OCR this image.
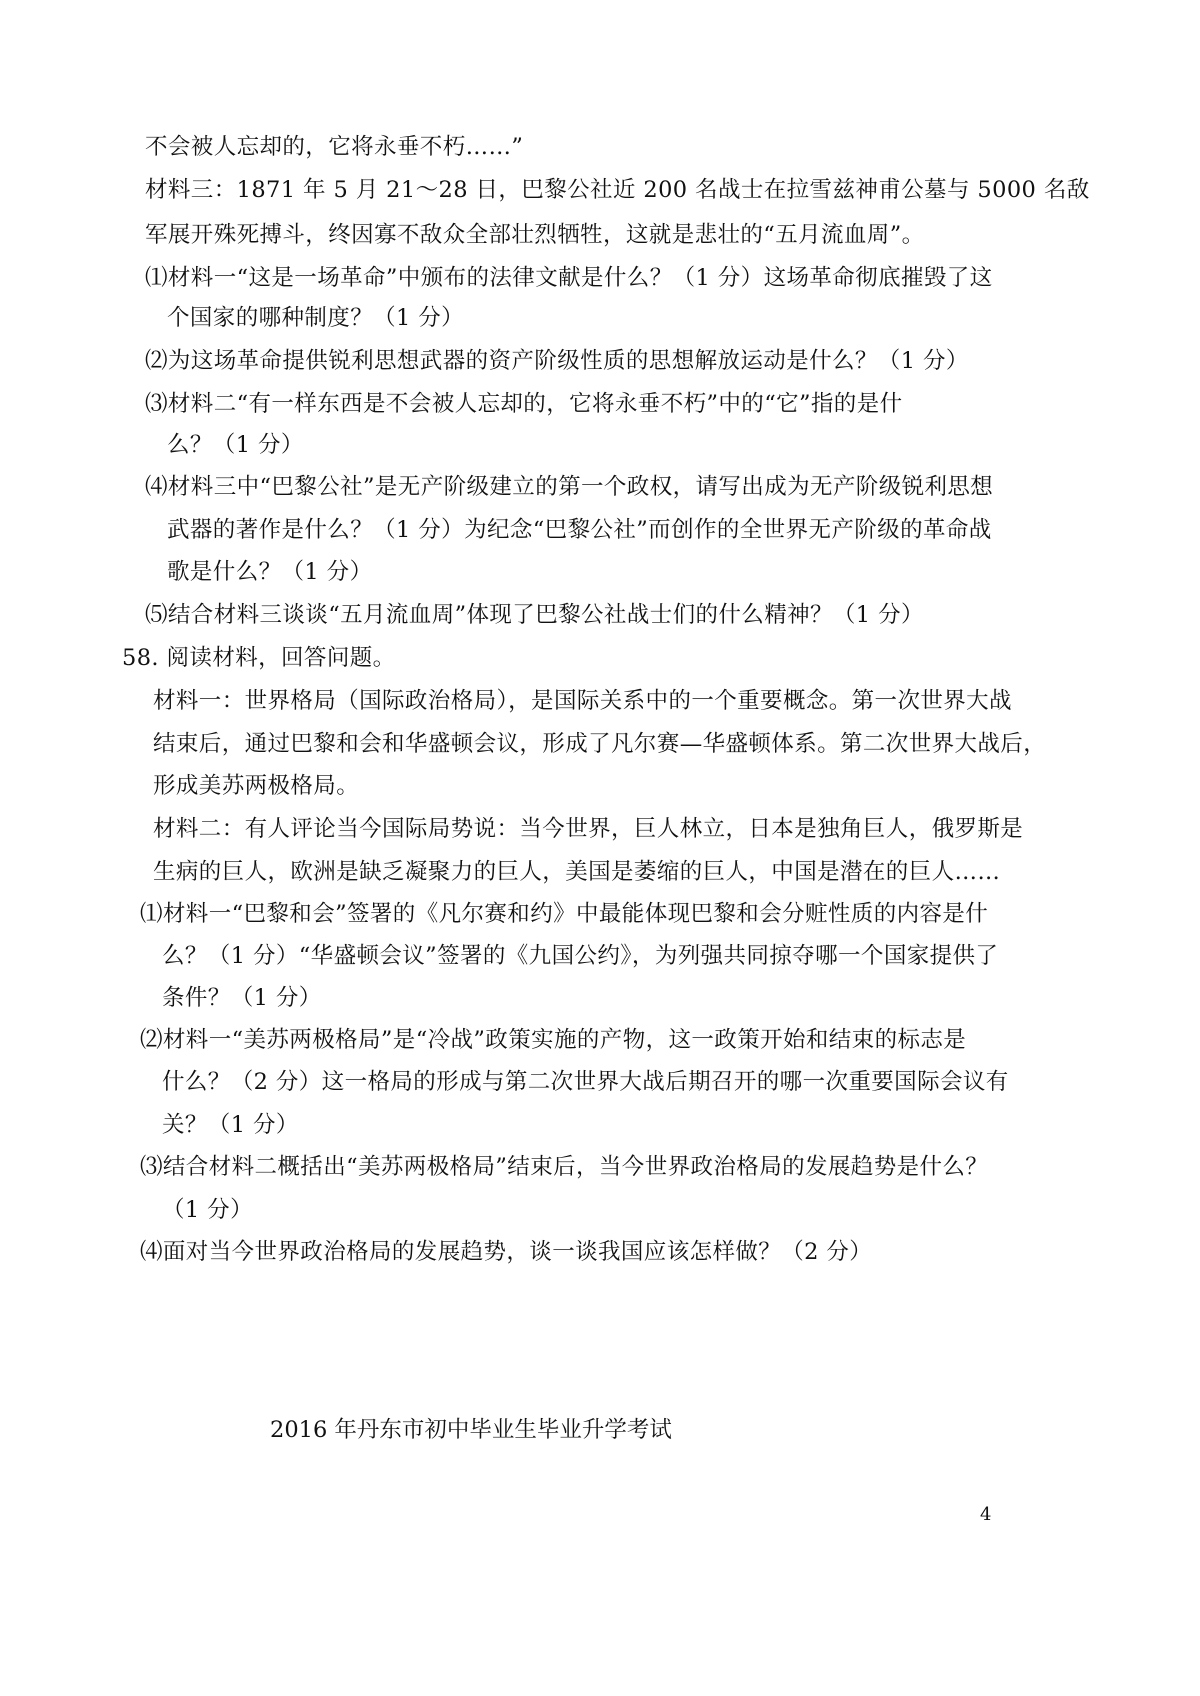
不会被人忘却的，它将永垂不朽……”
材料三：1871 年 5 月 21～28 日，巴黎公社近 200 名战士在拉雪兹神甫公墓与 5000 名敌
军展开殊死搏斗，终因寡不敌众全部壮烈牺牲，这就是悲壮的“五月流血周”。
⑴材料一“这是一场革命”中颁布的法律文献是什么？（1 分）这场革命彻底摧毁了这
个国家的哪种制度？（1 分）
⑵为这场革命提供锐利思想武器的资产阶级性质的思想解放运动是什么？（1 分）
⑶材料二“有一样东西是不会被人忘却的，它将永垂不朽”中的“它”指的是什
么？（1 分）
⑷材料三中“巴黎公社”是无产阶级建立的第一个政权，请写出成为无产阶级锐利思想
武器的著作是什么？（1 分）为纪念“巴黎公社”而创作的全世界无产阶级的革命战
歌是什么？（1 分）
⑸结合材料三谈谈“五月流血周”体现了巴黎公社战士们的什么精神？（1 分）
58. 阅读材料，回答问题。
材料一：世界格局（国际政治格局），是国际关系中的一个重要概念。第一次世界大战
结束后，通过巴黎和会和华盛顿会议，形成了凡尔赛—华盛顿体系。第二次世界大战后，
形成美苏两极格局。
材料二：有人评论当今国际局势说：当今世界，巨人林立，日本是独角巨人，俄罗斯是
生病的巨人，欧洲是缺乏凝聚力的巨人，美国是萎缩的巨人，中国是潜在的巨人……
⑴材料一“巴黎和会”签署的《凡尔赛和约》中最能体现巴黎和会分赃性质的内容是什
么？（1 分）“华盛顿会议”签署的《九国公约》，为列强共同掠夺哪一个国家提供了
条件？（1 分）
⑵材料一“美苏两极格局”是“冷战”政策实施的产物，这一政策开始和结束的标志是
什么？（2 分）这一格局的形成与第二次世界大战后期召开的哪一次重要国际会议有
关？（1 分）
⑶结合材料二概括出“美苏两极格局”结束后，当今世界政治格局的发展趋势是什么？
（1 分）
⑷面对当今世界政治格局的发展趋势，谈一谈我国应该怎样做？（2 分）
2016 年丹东市初中毕业生毕业升学考试
4
